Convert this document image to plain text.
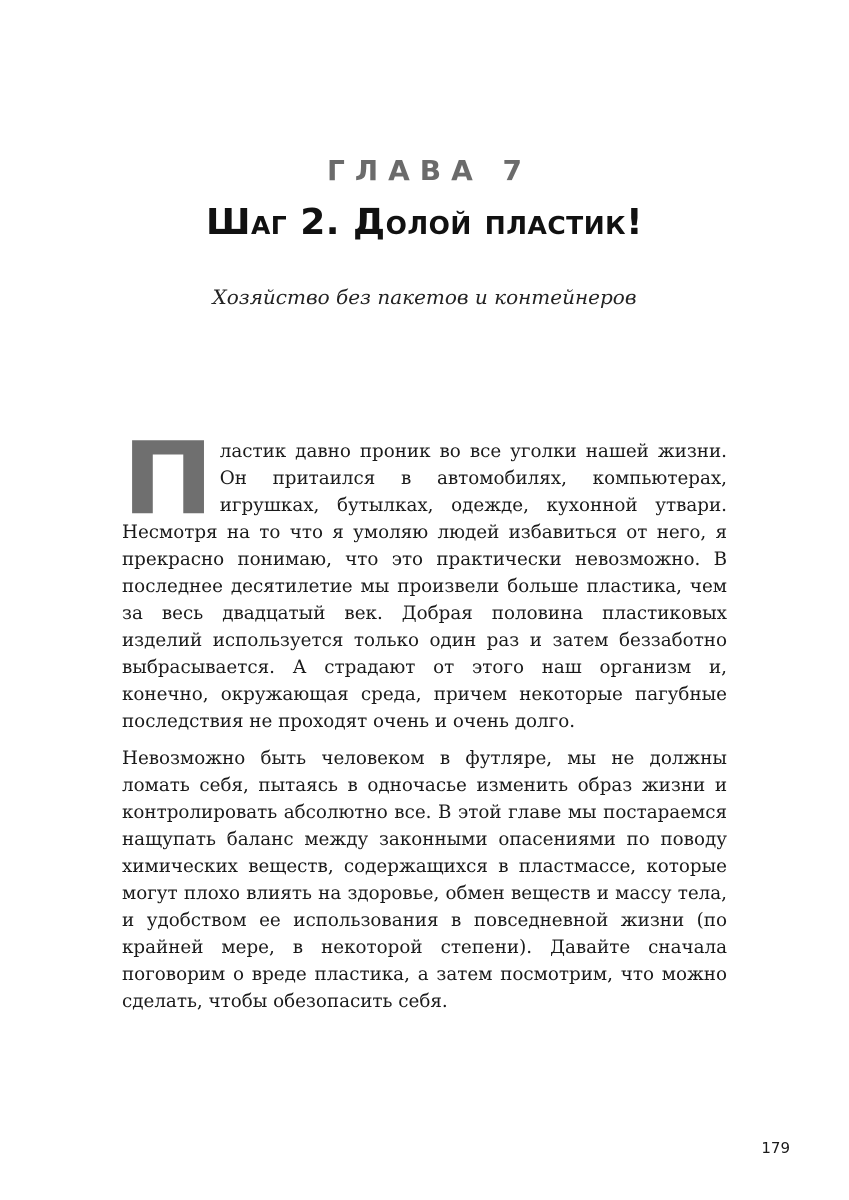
ГЛАВА 7
Шаг 2. Долой пластик!
Хозяйство без пакетов и контейнеров

Пластик давно проник во все уголки нашей жизни. Он притаился в автомобилях, компьютерах, игрушках, бутылках, одежде, кухонной утвари. Несмотря на то что я умоляю людей избавиться от него, я прекрасно понимаю, что это практически невозможно. В последнее десятилетие мы произвели больше пластика, чем за весь двадцатый век. Добрая половина пластиковых изделий используется только один раз и затем беззаботно выбрасывается. А страдают от этого наш организм и, конечно, окружающая среда, причем некоторые пагубные последствия не проходят очень и очень долго.

Невозможно быть человеком в футляре, мы не должны ломать себя, пытаясь в одночасье изменить образ жизни и контролировать абсолютно все. В этой главе мы постараемся нащупать баланс между законными опасениями по поводу химических веществ, содержащихся в пластмассе, которые могут плохо влиять на здоровье, обмен веществ и массу тела, и удобством ее использования в повседневной жизни (по крайней мере, в некоторой степени). Давайте сначала поговорим о вреде пластика, а затем посмотрим, что можно сделать, чтобы обезопасить себя.

179
